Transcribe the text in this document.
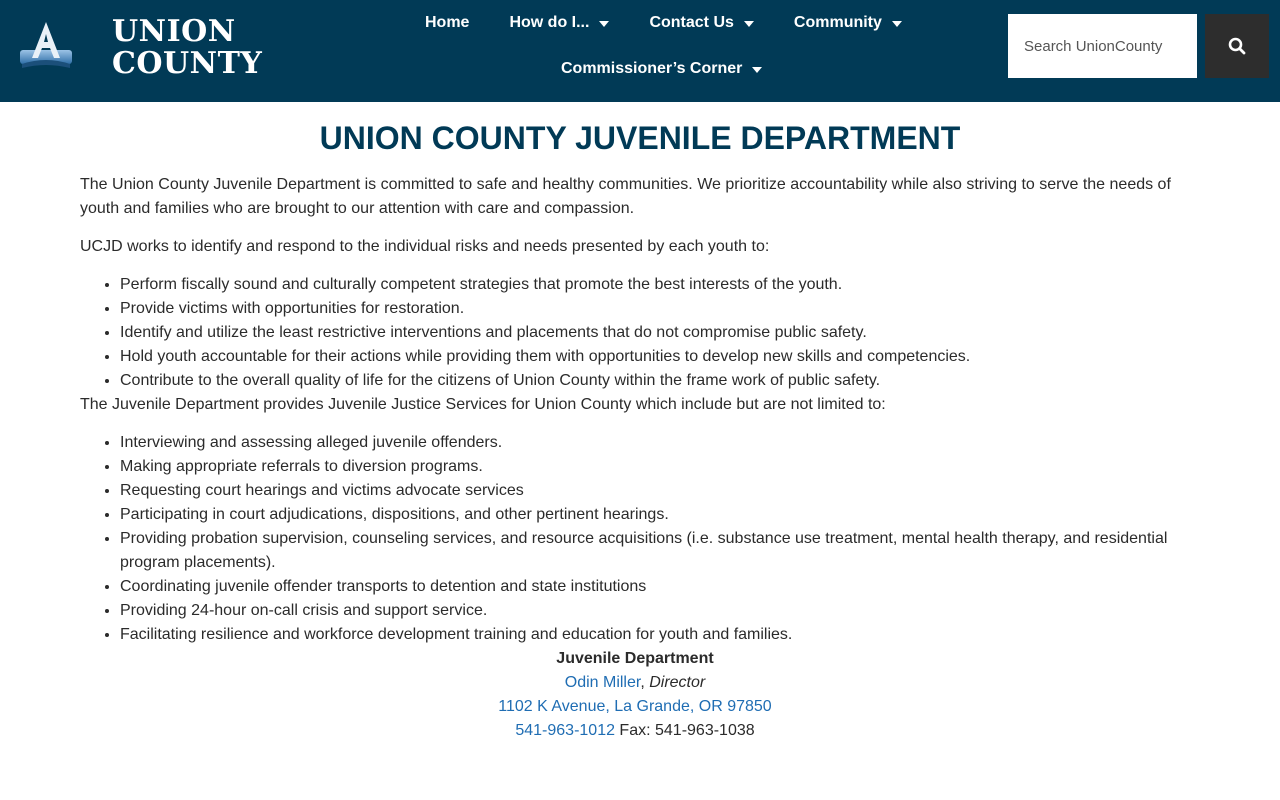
UNION
COUNTY
Home	How do I...	Contact Us	Community
Commissioner’s Corner
Search UnionCounty
UNION COUNTY JUVENILE DEPARTMENT

The Union County Juvenile Department is committed to safe and healthy communities. We prioritize accountability while also striving to serve the needs of youth and families who are brought to our attention with care and compassion.

UCJD works to identify and respond to the individual risks and needs presented by each youth to:

• Perform fiscally sound and culturally competent strategies that promote the best interests of the youth.
• Provide victims with opportunities for restoration.
• Identify and utilize the least restrictive interventions and placements that do not compromise public safety.
• Hold youth accountable for their actions while providing them with opportunities to develop new skills and competencies.
• Contribute to the overall quality of life for the citizens of Union County within the frame work of public safety.

The Juvenile Department provides Juvenile Justice Services for Union County which include but are not limited to:

• Interviewing and assessing alleged juvenile offenders.
• Making appropriate referrals to diversion programs.
• Requesting court hearings and victims advocate services
• Participating in court adjudications, dispositions, and other pertinent hearings.
• Providing probation supervision, counseling services, and resource acquisitions (i.e. substance use treatment, mental health therapy, and residential program placements).
• Coordinating juvenile offender transports to detention and state institutions
• Providing 24-hour on-call crisis and support service.
• Facilitating resilience and workforce development training and education for youth and families.
Juvenile Department
Odin Miller, Director
1102 K Avenue, La Grande, OR 97850
541-963-1012 Fax: 541-963-1038
